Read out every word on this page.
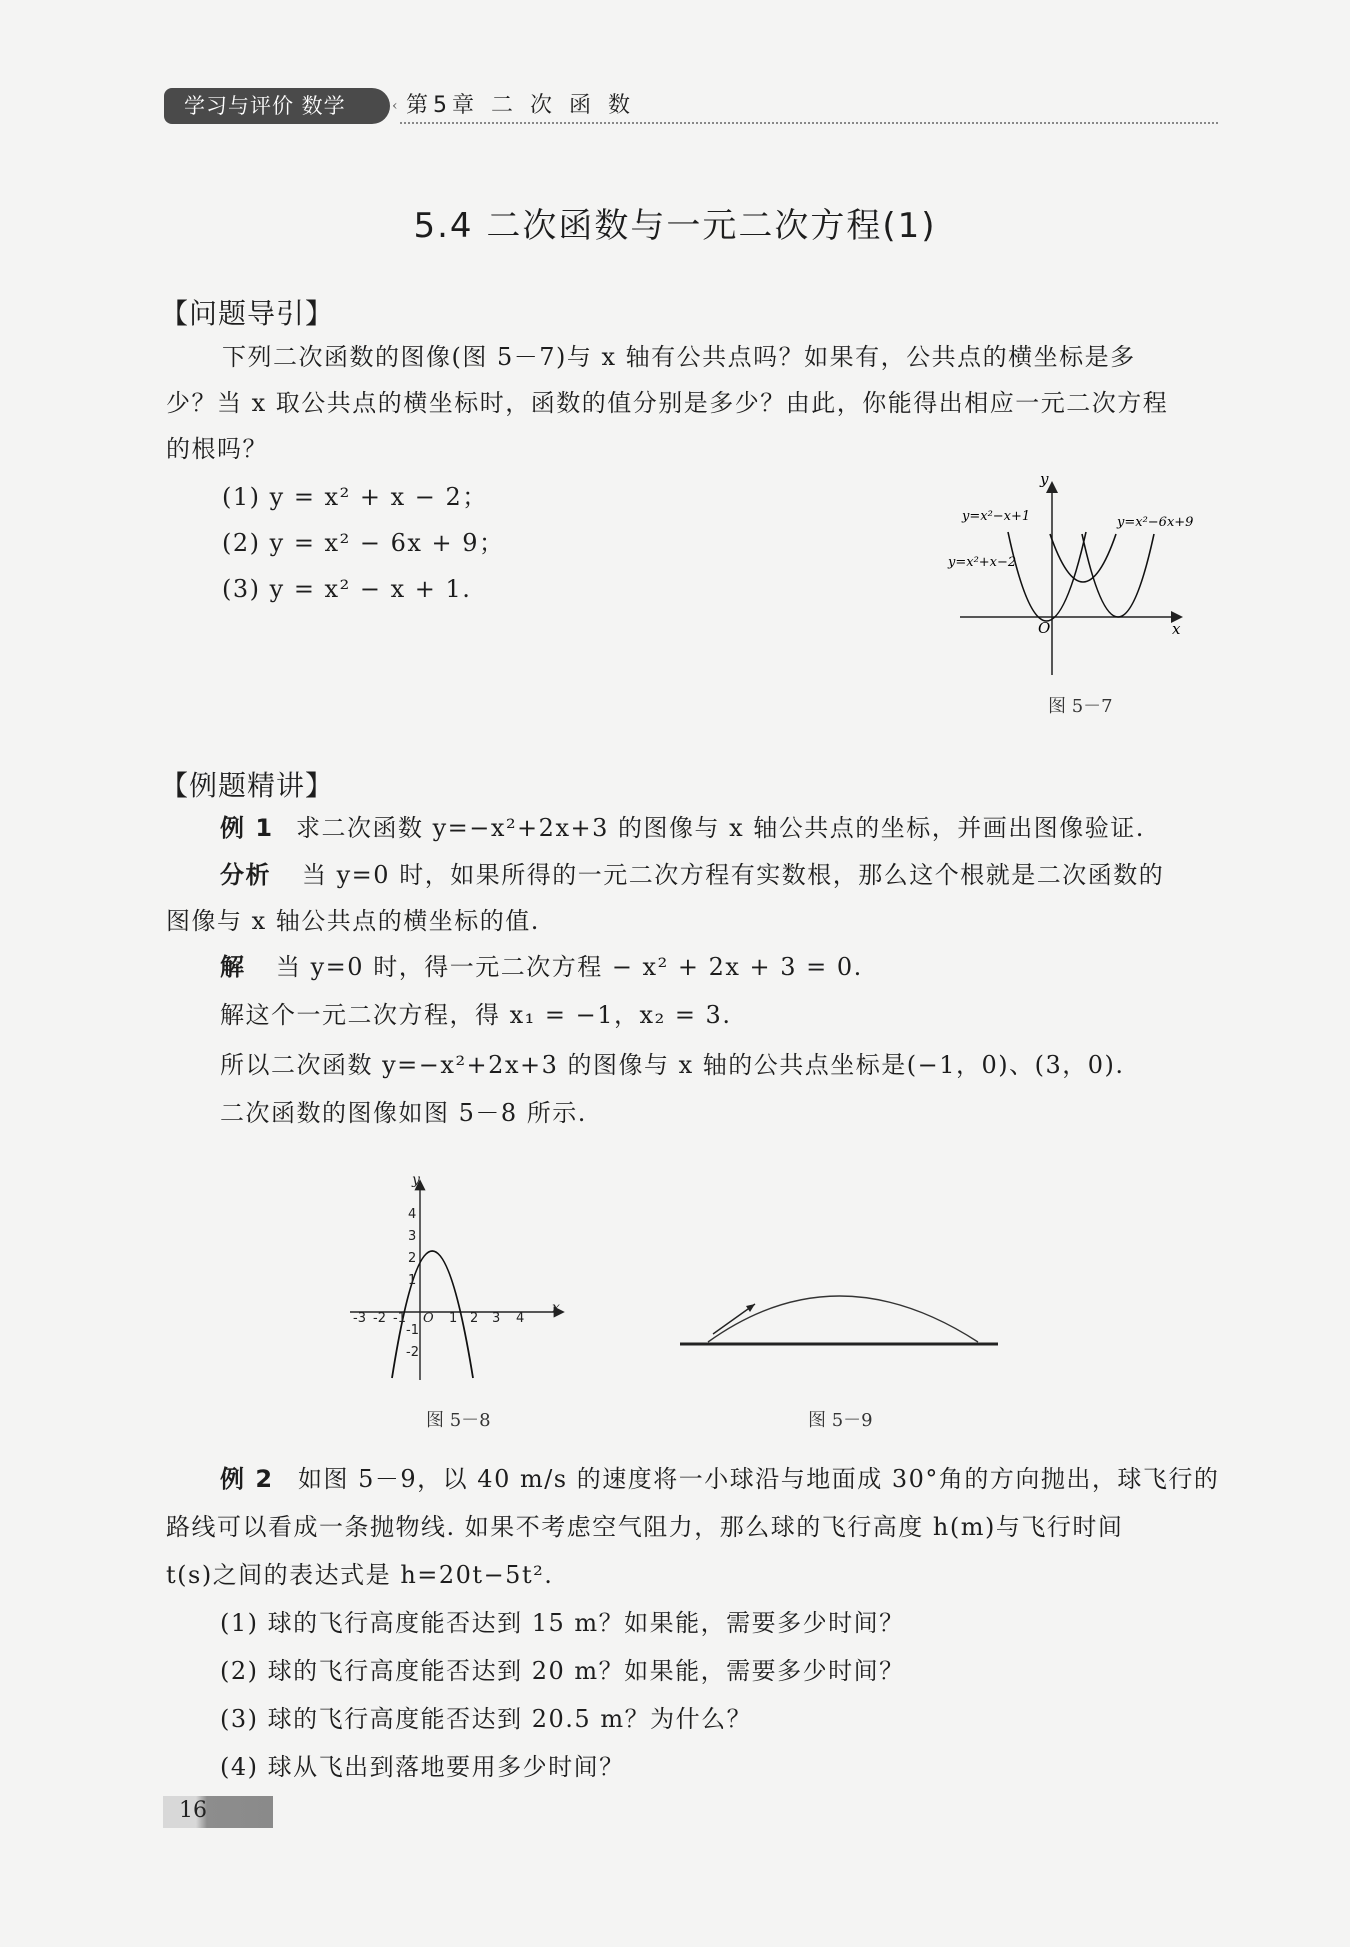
学习与评价 数学	‹ 第5章 二 次 函 数
5.4 二次函数与一元二次方程(1)
【问题导引】
下列二次函数的图像(图 5－7)与 x 轴有公共点吗？如果有，公共点的横坐标是多
少？当 x 取公共点的横坐标时，函数的值分别是多少？由此，你能得出相应一元二次方程
的根吗？
(1) y = x² + x − 2；
(2) y = x² − 6x + 9；
(3) y = x² − x + 1.
y=x²−x+1	y=x²−6x+9
y=x²+x−2
x
y
O
图 5－7
【例题精讲】
例 1 求二次函数 y=−x²+2x+3 的图像与 x 轴公共点的坐标，并画出图像验证.
分析 当 y=0 时，如果所得的一元二次方程有实数根，那么这个根就是二次函数的
图像与 x 轴公共点的横坐标的值.
解 当 y=0 时，得一元二次方程 − x² + 2x + 3 = 0.
解这个一元二次方程，得 x₁ = −1，x₂ = 3.
所以二次函数 y=−x²+2x+3 的图像与 x 轴的公共点坐标是(−1，0)、(3，0).
二次函数的图像如图 5－8 所示.
-3 -2 -1 O 1 2 3 4
4
3
2
1
-1
-2
x
y
图 5－8	图 5－9
例 2 如图 5－9，以 40 m/s 的速度将一小球沿与地面成 30°角的方向抛出，球飞行的
路线可以看成一条抛物线. 如果不考虑空气阻力，那么球的飞行高度 h(m)与飞行时间
t(s)之间的表达式是 h=20t−5t².
(1) 球的飞行高度能否达到 15 m？如果能，需要多少时间？
(2) 球的飞行高度能否达到 20 m？如果能，需要多少时间？
(3) 球的飞行高度能否达到 20.5 m？为什么？
(4) 球从飞出到落地要用多少时间？
16
